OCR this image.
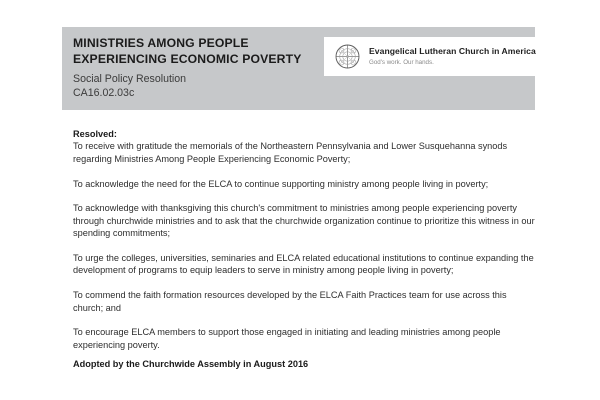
MINISTRIES AMONG PEOPLE
EXPERIENCING ECONOMIC POVERTY

Social Policy Resolution

CA16.02.03c

Evangelical Lutheran Church in America
God's work. Our hands.

Resolved:

To receive with gratitude the memorials of the Northeastern Pennsylvania and Lower Susquehanna synods regarding Ministries Among People Experiencing Economic Poverty;

To acknowledge the need for the ELCA to continue supporting ministry among people living in poverty;

To acknowledge with thanksgiving this church's commitment to ministries among people experiencing poverty through churchwide ministries and to ask that the churchwide organization continue to prioritize this witness in our spending commitments;

To urge the colleges, universities, seminaries and ELCA related educational institutions to continue expanding the development of programs to equip leaders to serve in ministry among people living in poverty;

To commend the faith formation resources developed by the ELCA Faith Practices team for use across this church; and

To encourage ELCA members to support those engaged in initiating and leading ministries among people experiencing poverty.

Adopted by the Churchwide Assembly in August 2016
